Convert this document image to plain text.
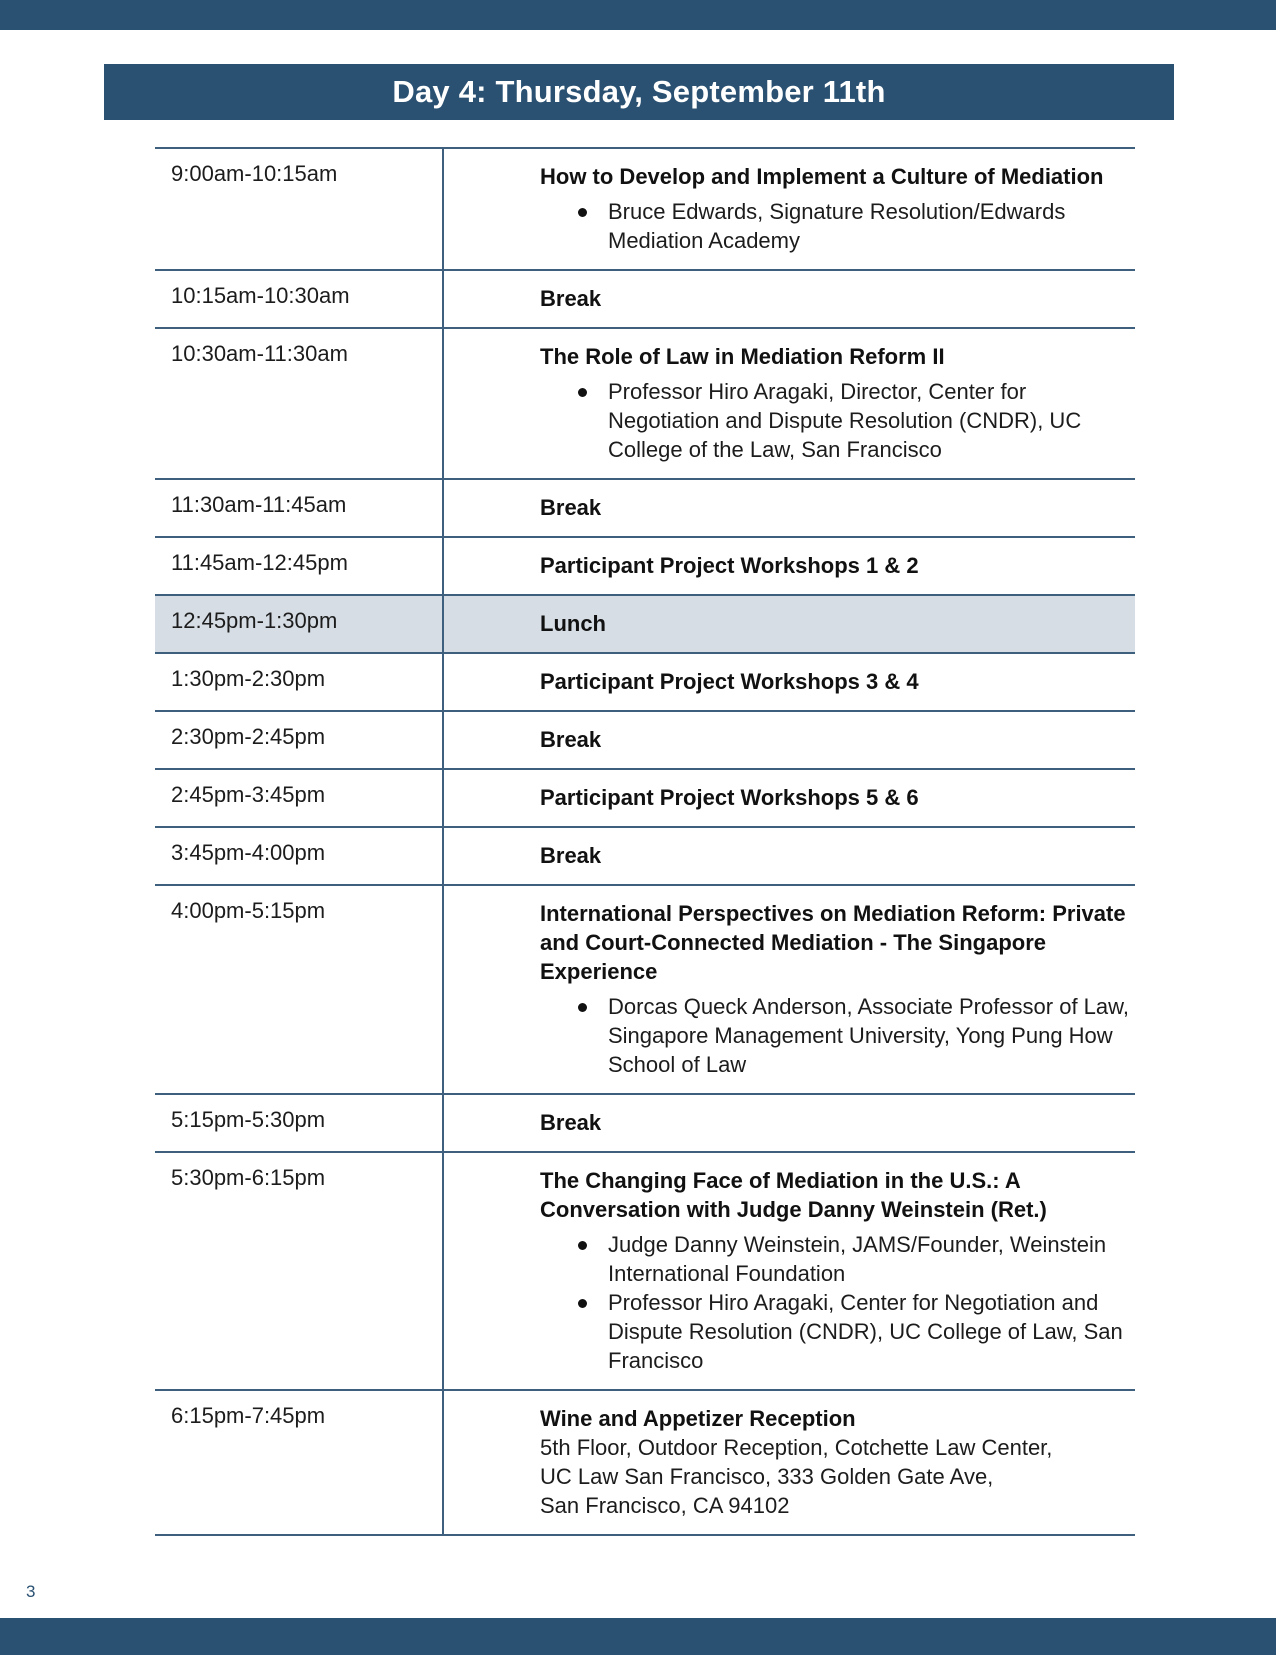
Day 4: Thursday, September 11th
9:00am-10:15am	How to Develop and Implement a Culture of Mediation
Bruce Edwards, Signature Resolution/Edwards Mediation Academy
10:15am-10:30am	Break
10:30am-11:30am	The Role of Law in Mediation Reform II
Professor Hiro Aragaki, Director, Center for Negotiation and Dispute Resolution (CNDR), UC College of the Law, San Francisco
11:30am-11:45am	Break
11:45am-12:45pm	Participant Project Workshops 1 & 2
12:45pm-1:30pm	Lunch
1:30pm-2:30pm	Participant Project Workshops 3 & 4
2:30pm-2:45pm	Break
2:45pm-3:45pm	Participant Project Workshops 5 & 6
3:45pm-4:00pm	Break
4:00pm-5:15pm	International Perspectives on Mediation Reform: Private and Court-Connected Mediation - The Singapore Experience
Dorcas Queck Anderson, Associate Professor of Law, Singapore Management University, Yong Pung How School of Law
5:15pm-5:30pm	Break
5:30pm-6:15pm	The Changing Face of Mediation in the U.S.: A Conversation with Judge Danny Weinstein (Ret.)
Judge Danny Weinstein, JAMS/Founder, Weinstein International Foundation
Professor Hiro Aragaki, Center for Negotiation and Dispute Resolution (CNDR), UC College of Law, San Francisco
6:15pm-7:45pm	Wine and Appetizer Reception
5th Floor, Outdoor Reception, Cotchette Law Center,
UC Law San Francisco, 333 Golden Gate Ave,
San Francisco, CA 94102
3
